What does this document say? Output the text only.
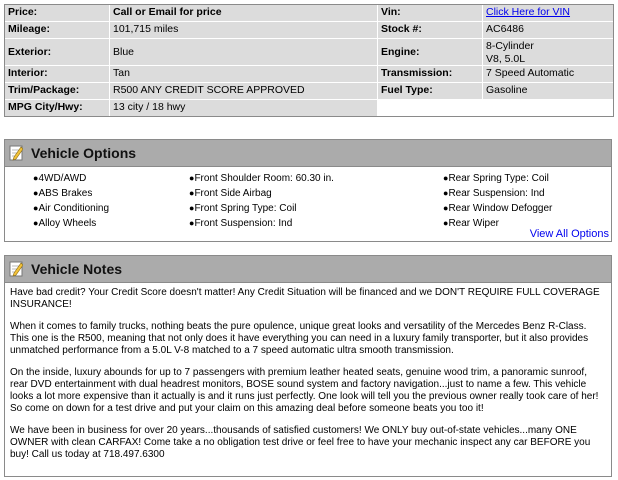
Price:	Call or Email for price	Vin:	Click Here for VIN
Mileage:	101,715 miles	Stock #:	AC6486
Exterior:	Blue	Engine:	8-Cylinder
V8, 5.0L
Interior:	Tan	Transmission:	7 Speed Automatic
Trim/Package:	R500 ANY CREDIT SCORE APPROVED	Fuel Type:	Gasoline
MPG City/Hwy:	13 city / 18 hwy
Vehicle Options
●4WD/AWD
●ABS Brakes
●Air Conditioning
●Alloy Wheels
●Front Shoulder Room: 60.30 in.
●Front Side Airbag
●Front Spring Type: Coil
●Front Suspension: Ind
●Rear Spring Type: Coil
●Rear Suspension: Ind
●Rear Window Defogger
●Rear Wiper
View All Options
Vehicle Notes

Have bad credit? Your Credit Score doesn't matter! Any Credit Situation will be financed and we DON'T REQUIRE FULL COVERAGE INSURANCE!

When it comes to family trucks, nothing beats the pure opulence, unique great looks and versatility of the Mercedes Benz R-Class. This one is the R500, meaning that not only does it have everything you can need in a luxury family transporter, but it also provides unmatched performance from a 5.0L V-8 matched to a 7 speed automatic ultra smooth transmission.

On the inside, luxury abounds for up to 7 passengers with premium leather heated seats, genuine wood trim, a panoramic sunroof, rear DVD entertainment with dual headrest monitors, BOSE sound system and factory navigation...just to name a few. This vehicle looks a lot more expensive than it actually is and it runs just perfectly. One look will tell you the previous owner really took care of her! So come on down for a test drive and put your claim on this amazing deal before someone beats you too it!

We have been in business for over 20 years...thousands of satisfied customers! We ONLY buy out-of-state vehicles...many ONE OWNER with clean CARFAX! Come take a no obligation test drive or feel free to have your mechanic inspect any car BEFORE you buy! Call us today at 718.497.6300
